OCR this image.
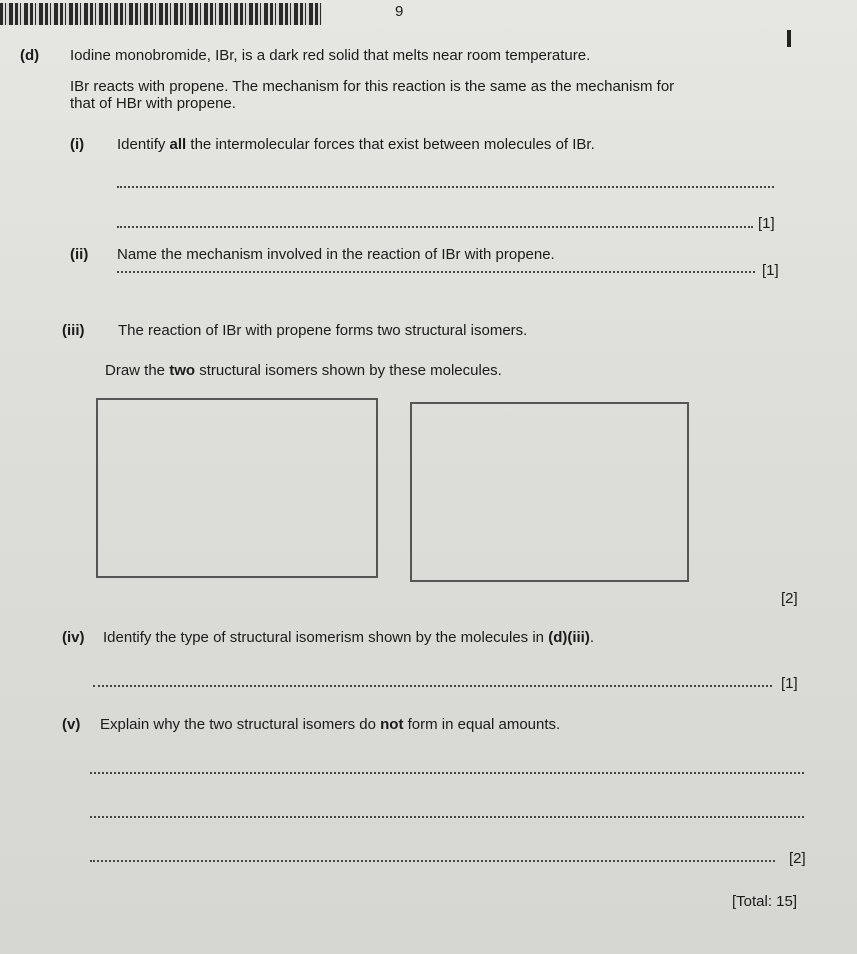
9
(d) Iodine monobromide, IBr, is a dark red solid that melts near room temperature.
IBr reacts with propene. The mechanism for this reaction is the same as the mechanism for
that of HBr with propene.
(i) Identify all the intermolecular forces that exist between molecules of IBr.
[1]
(ii) Name the mechanism involved in the reaction of IBr with propene.
[1]
(iii) The reaction of IBr with propene forms two structural isomers.
Draw the two structural isomers shown by these molecules.
[2]
(iv) Identify the type of structural isomerism shown by the molecules in (d)(iii).
[1]
(v) Explain why the two structural isomers do not form in equal amounts.
[2]
[Total: 15]
